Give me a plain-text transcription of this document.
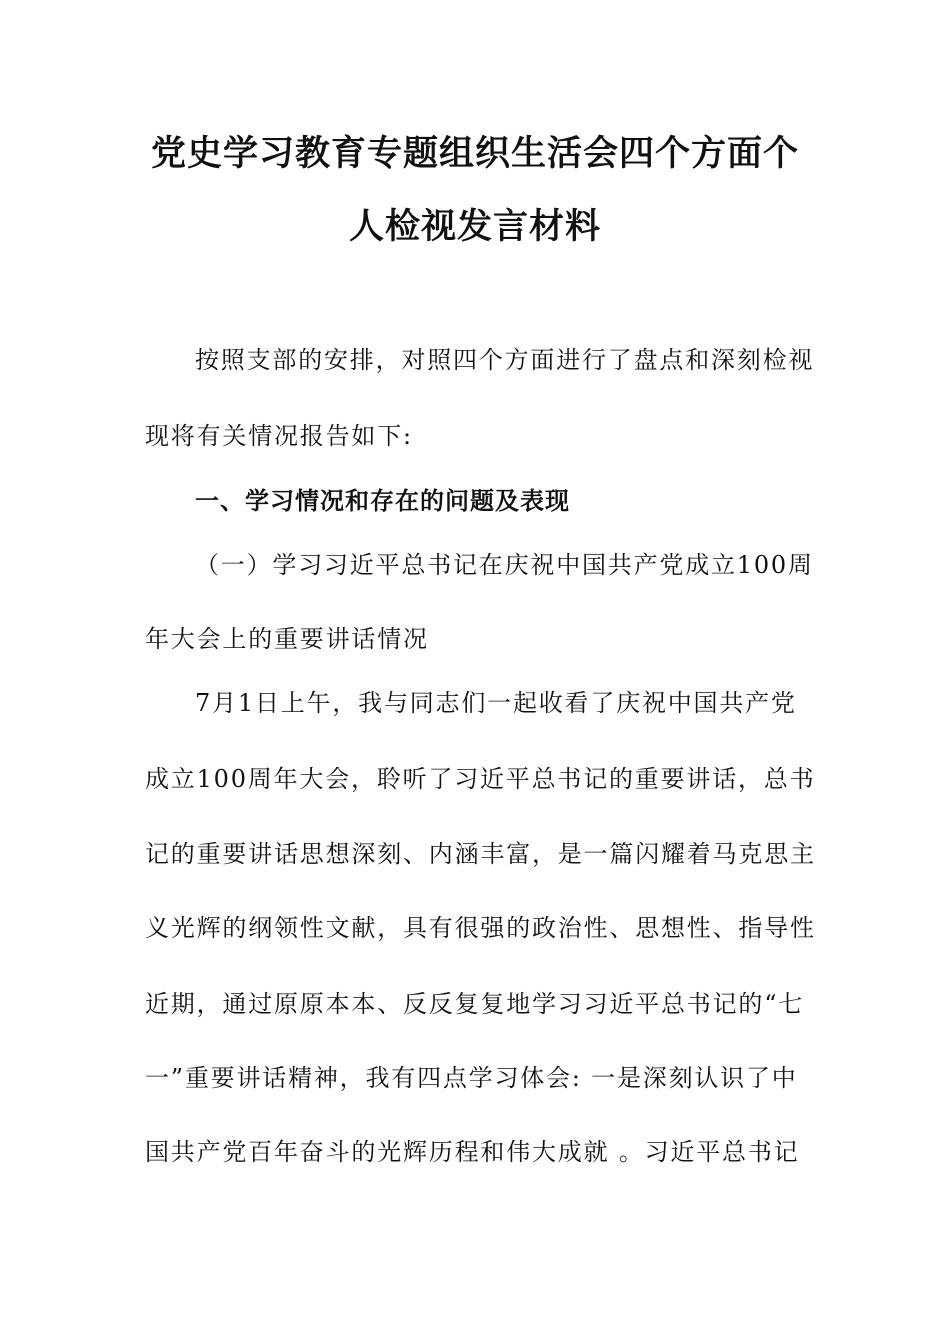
党史学习教育专题组织生活会四个方面个
人检视发言材料
按照支部的安排，对照四个方面进行了盘点和深刻检视
现将有关情况报告如下:
一、学习情况和存在的问题及表现
（一）学习习近平总书记在庆祝中国共产党成立100周
年大会上的重要讲话情况
7月1日上午，我与同志们一起收看了庆祝中国共产党
成立100周年大会，聆听了习近平总书记的重要讲话，总书
记的重要讲话思想深刻、内涵丰富，是一篇闪耀着马克思主
义光辉的纲领性文献，具有很强的政治性、思想性、指导性
近期，通过原原本本、反反复复地学习习近平总书记的“七
一”重要讲话精神，我有四点学习体会: 一是深刻认识了中
国共产党百年奋斗的光辉历程和伟大成就 。习近平总书记
